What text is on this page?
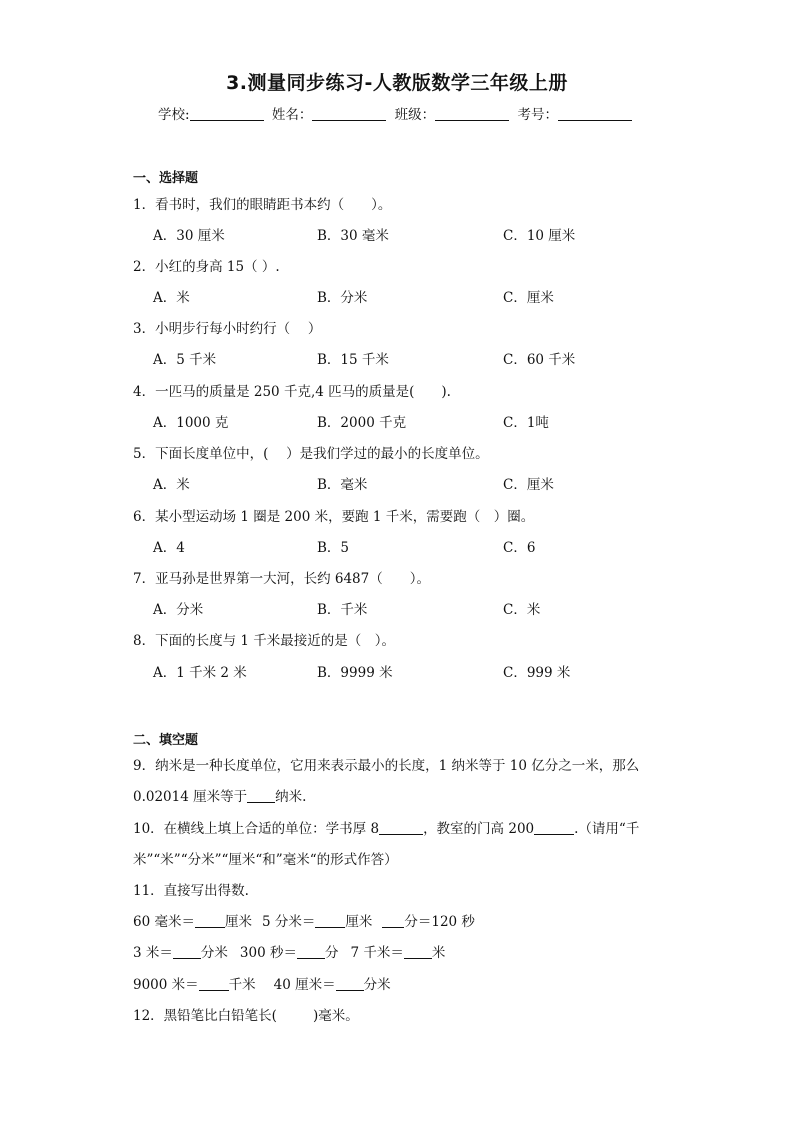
3.测量同步练习-人教版数学三年级上册
学校:	姓名：	班级：	考号：
一、选择题
1．看书时，我们的眼睛距书本约（　　）。
A．30 厘米	B．30 毫米	C．10 厘米
2．小红的身高 15（ ）.
A．米	B．分米	C．厘米
3．小明步行每小时约行（　 ）
A．5 千米	B．15 千米	C．60 千米
4．一匹马的质量是 250 千克,4 匹马的质量是(　　).
A．1000 克	B．2000 千克	C．1吨
5．下面长度单位中，(　 ）是我们学过的最小的长度单位。
A．米	B．毫米	C．厘米
6．某小型运动场 1 圈是 200 米，要跑 1 千米，需要跑（　）圈。
A．4	B．5	C．6
7．亚马孙是世界第一大河，长约 6487（　　）。
A．分米	B．千米	C．米
8．下面的长度与 1 千米最接近的是（　）。
A．1 千米 2 米	B．9999 米	C．999 米
二、填空题
9．纳米是一种长度单位，它用来表示最小的长度，1 纳米等于 10 亿分之一米，那么
0.02014 厘米等于 纳米.
10．在横线上填上合适的单位：学书厚 8	，教室的门高 200	.（请用“千
米”“米”“分米”“厘米“和”毫米“的形式作答）
11．直接写出得数.
60 毫米＝ 厘米 5 分米＝ 厘米 分＝120 秒
3 米＝ 分米 300 秒＝ 分 7 千米＝ 米
9000 米＝ 千米 40 厘米＝ 分米
12．黑铅笔比白铅笔长(	)毫米。
